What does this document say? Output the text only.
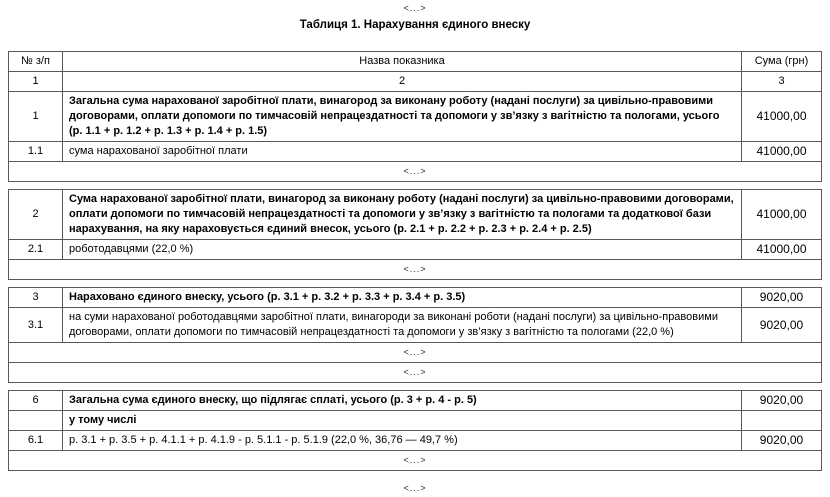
<...>
Таблиця 1. Нарахування єдиного внеску
№ з/п	Назва показника	Сума (грн)
1	2	3
1	Загальна сума нарахованої заробітної плати, винагород за виконану роботу (надані послуги) за цивільно-правовими договорами, оплати допомоги по тимчасовій непрацездатності та допомоги у зв’язку з вагітністю та пологами, усього (р. 1.1 + р. 1.2 + р. 1.3 + р. 1.4 + р. 1.5)	41000,00
1.1	сума нарахованої заробітної плати	41000,00
<...>		
2	Сума нарахованої заробітної плати, винагород за виконану роботу (надані послуги) за цивільно-правовими договорами, оплати допомоги по тимчасовій непрацездатності та допомоги у зв’язку з вагітністю та пологами та додаткової бази нарахування, на яку нараховується єдиний внесок, усього (р. 2.1 + р. 2.2 + р. 2.3 + р. 2.4 + р. 2.5)	41000,00
2.1	роботодавцями (22,0 %)	41000,00
<...>		
3	Нараховано єдиного внеску, усього (р. 3.1 + р. 3.2 + р. 3.3 + р. 3.4 + р. 3.5)	9020,00
3.1	на суми нарахованої роботодавцями заробітної плати, винагороди за виконані роботи (надані послуги) за цивільно-правовими договорами, оплати допомоги по тимчасовій непрацездатності та допомоги у зв’язку з вагітністю та пологами (22,0 %)	9020,00
<...>		
<...>		
6	Загальна сума єдиного внеску, що підлягає сплаті, усього (р. 3 + р. 4 - р. 5)	9020,00
	у тому числі	
6.1	р. 3.1 + р. 3.5 + р. 4.1.1 + р. 4.1.9 - р. 5.1.1 - р. 5.1.9 (22,0 %, 36,76 — 49,7 %)	9020,00
<...>		
<...>
